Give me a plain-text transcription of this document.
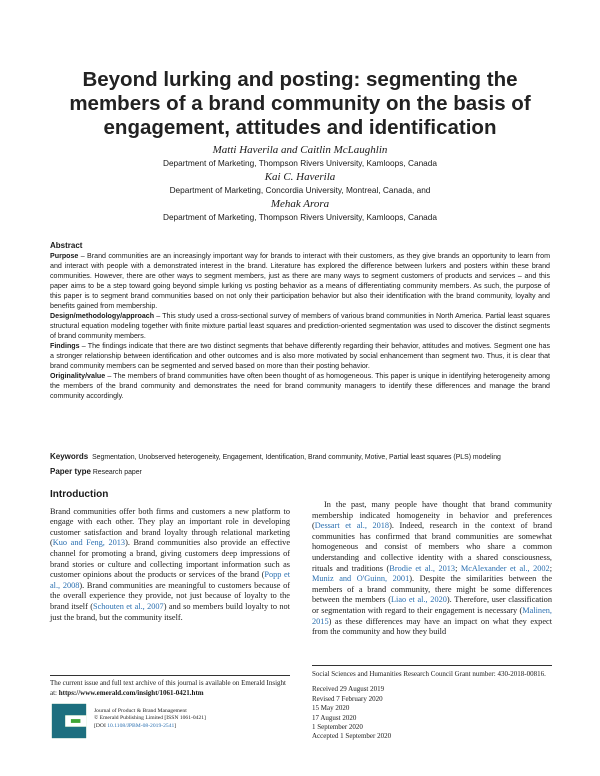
Beyond lurking and posting: segmenting the members of a brand community on the basis of engagement, attitudes and identification
Matti Haverila and Caitlin McLaughlin
Department of Marketing, Thompson Rivers University, Kamloops, Canada
Kai C. Haverila
Department of Marketing, Concordia University, Montreal, Canada, and
Mehak Arora
Department of Marketing, Thompson Rivers University, Kamloops, Canada
Abstract

Purpose – Brand communities are an increasingly important way for brands to interact with their customers, as they give brands an opportunity to learn from and interact with people with a demonstrated interest in the brand. Literature has explored the difference between lurkers and posters within these brand communities. However, there are other ways to segment members, just as there are many ways to segment customers of products and services – and this paper aims to be a step toward going beyond simple lurking vs posting behavior as a means of differentiating community members. As such, the purpose of this paper is to segment brand communities based on not only their participation behavior but also their identification with the brand community, loyalty and benefits gained from membership.

Design/methodology/approach – This study used a cross-sectional survey of members of various brand communities in North America. Partial least squares structural equation modeling together with finite mixture partial least squares and prediction-oriented segmentation was used to discover the distinct segments of brand community members.

Findings – The findings indicate that there are two distinct segments that behave differently regarding their behavior, attitudes and motives. Segment one has a stronger relationship between identification and other outcomes and is also more motivated by social enhancement than segment two. Thus, it is clear that brand community members can be segmented and served based on more than their posting behavior.

Originality/value – The members of brand communities have often been thought of as homogeneous. This paper is unique in identifying heterogeneity among the members of the brand community and demonstrates the need for brand community managers to identify these differences and manage the brand community accordingly.

Keywords Segmentation, Unobserved heterogeneity, Engagement, Identification, Brand community, Motive, Partial least squares (PLS) modeling
Paper type Research paper
Introduction

Brand communities offer both firms and customers a new platform to engage with each other. They play an important role in developing customer satisfaction and brand loyalty through relational marketing (Kuo and Feng, 2013). Brand communities also provide an effective channel for promoting a brand, giving customers deep impressions of brand stories or culture and collecting important information such as customer opinions about the products or services of the brand (Popp et al., 2008). Brand communities are meaningful to customers because of the overall experience they provide, not just because of loyalty to the brand itself (Schouten et al., 2007) and so members build loyalty to not just the brand, but the community itself.

In the past, many people have thought that brand community membership indicated homogeneity in behavior and preferences (Dessart et al., 2018). Indeed, research in the context of brand communities has confirmed that brand communities are somewhat homogeneous and consist of members who share a common understanding and collective identity with a shared consciousness, rituals and traditions (Brodie et al., 2013; McAlexander et al., 2002; Muniz and O'Guinn, 2001). Despite the similarities between the members of a brand community, there might be some differences between the members (Liao et al., 2020). Therefore, user classification or segmentation with regard to their engagement is necessary (Malinen, 2015) as these differences may have an impact on what they expect from the community and how they build

The current issue and full text archive of this journal is available on Emerald Insight at: https://www.emerald.com/insight/1061-0421.htm
Journal of Product & Brand Management
© Emerald Publishing Limited [ISSN 1061-0421]
[DOI 10.1108/JPBM-08-2019-2541]
Social Sciences and Humanities Research Council Grant number: 430-2018-00816.
Received 29 August 2019
Revised 7 February 2020
15 May 2020
17 August 2020
1 September 2020
Accepted 1 September 2020
